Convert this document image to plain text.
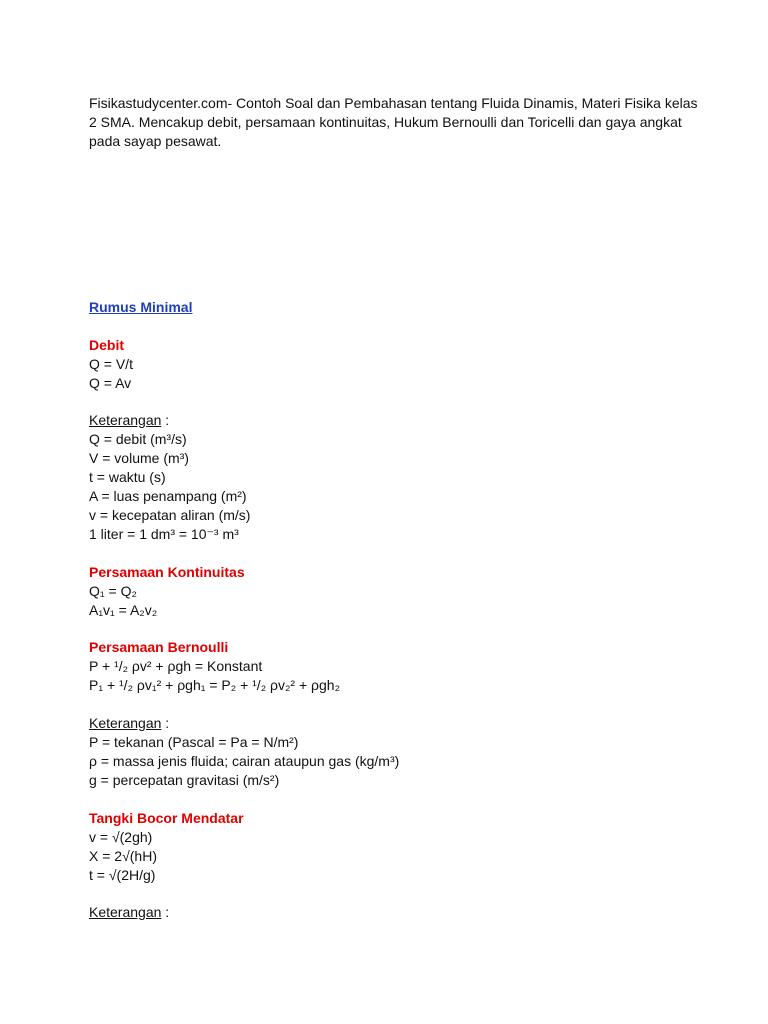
Fisikastudycenter.com- Contoh Soal dan Pembahasan tentang Fluida Dinamis, Materi Fisika kelas 2 SMA. Mencakup debit, persamaan kontinuitas, Hukum Bernoulli dan Toricelli dan gaya angkat pada sayap pesawat.

Rumus Minimal
Debit
Q = V/t
Q = Av
Keterangan :
Q = debit (m³/s)
V = volume (m³)
t = waktu (s)
A = luas penampang (m²)
v = kecepatan aliran (m/s)
1 liter = 1 dm³ = 10⁻³ m³
Persamaan Kontinuitas
Q₁ = Q₂
A₁v₁ = A₂v₂
Persamaan Bernoulli
P + ¹/₂ ρv² + ρgh = Konstant
P₁ + ¹/₂ ρv₁² + ρgh₁ = P₂ + ¹/₂ ρv₂² + ρgh₂
Keterangan :
P = tekanan (Pascal = Pa = N/m²)
ρ = massa jenis fluida; cairan ataupun gas (kg/m³)
g = percepatan gravitasi (m/s²)
Tangki Bocor Mendatar
v = √(2gh)
X = 2√(hH)
t = √(2H/g)
Keterangan :
